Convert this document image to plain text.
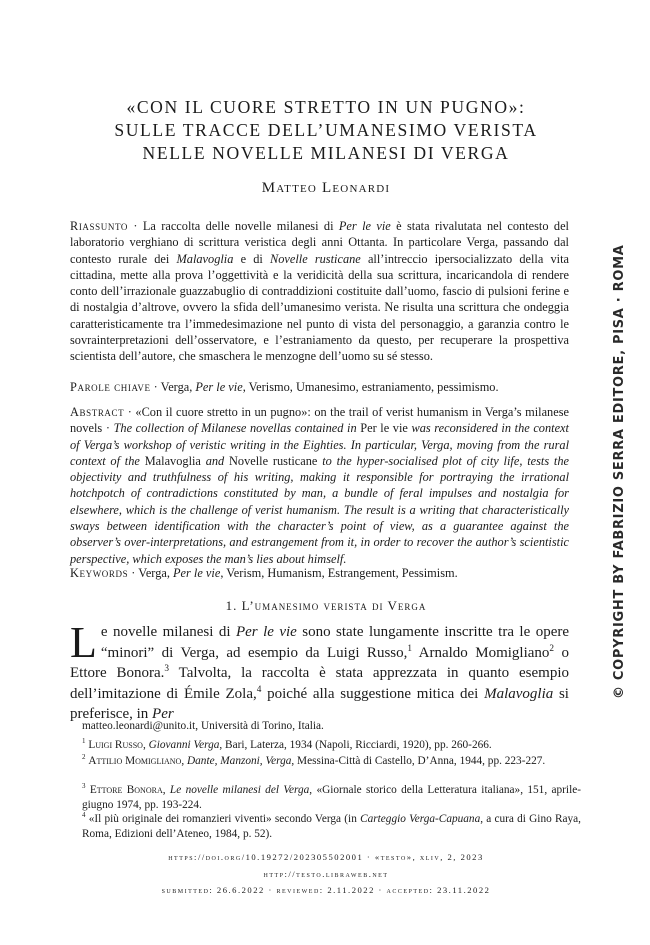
«CON IL CUORE STRETTO IN UN PUGNO»:
SULLE TRACCE DELL’UMANESIMO VERISTA
NELLE NOVELLE MILANESI DI VERGA
Matteo Leonardi
Riassunto · La raccolta delle novelle milanesi di Per le vie è stata rivalutata nel contesto del laboratorio verghiano di scrittura veristica degli anni Ottanta. In particolare Verga, passando dal contesto rurale dei Malavoglia e di Novelle rusticane all’intreccio ipersocializzato della vita cittadina, mette alla prova l’oggettività e la veridicità della sua scrittura, incaricandola di rendere conto dell’irrazionale guazzabuglio di contraddizioni costituite dall’uomo, fascio di pulsioni ferine e di nostalgia d’altrove, ovvero la sfida dell’umanesimo verista. Ne risulta una scrittura che ondeggia caratteristicamente tra l’immedesimazione nel punto di vista del personaggio, a garanzia contro le sovrainterpretazioni dell’osservatore, e l’estraniamento da questo, per recuperare la prospettiva scientista dell’autore, che smaschera le menzogne dell’uomo su sé stesso.
Parole chiave · Verga, Per le vie, Verismo, Umanesimo, estraniamento, pessimismo.
Abstract · «Con il cuore stretto in un pugno»: on the trail of verist humanism in Verga’s milanese novels · The collection of Milanese novellas contained in Per le vie was reconsidered in the context of Verga’s workshop of veristic writing in the Eighties. In particular, Verga, moving from the rural context of the Malavoglia and Novelle rusticane to the hyper-socialised plot of city life, tests the objectivity and truthfulness of his writing, making it responsible for portraying the irrational hotchpotch of contradictions constituted by man, a bundle of feral impulses and nostalgia for elsewhere, which is the challenge of verist humanism. The result is a writing that characteristically sways between identification with the character’s point of view, as a guarantee against the observer’s over-interpretations, and estrangement from it, in order to recover the author’s scientistic perspective, which exposes the man’s lies about himself.
Keywords · Verga, Per le vie, Verism, Humanism, Estrangement, Pessimism.
1. L’umanesimo verista di Verga
Le novelle milanesi di Per le vie sono state lungamente inscritte tra le opere “minori” di Verga, ad esempio da Luigi Russo,$^1$ Arnaldo Momigliano$^2$ o Ettore Bonora.$^3$ Talvolta, la raccolta è stata apprezzata in quanto esempio dell’imitazione di Émile Zola,$^4$ poiché alla suggestione mitica dei Malavoglia si preferisce, in Per
matteo.leonardi@unito.it, Università di Torino, Italia.
$^1$ Luigi Russo, Giovanni Verga, Bari, Laterza, 1934 (Napoli, Ricciardi, 1920), pp. 260-266.
$^2$ Attilio Momigliano, Dante, Manzoni, Verga, Messina-Città di Castello, D’Anna, 1944, pp. 223-227.
$^3$ Ettore Bonora, Le novelle milanesi del Verga, «Giornale storico della Letteratura italiana», 151, aprile-giugno 1974, pp. 193-224.
$^4$ «Il più originale dei romanzieri viventi» secondo Verga (in Carteggio Verga-Capuana, a cura di Gino Raya, Roma, Edizioni dell’Ateneo, 1984, p. 52).
https://doi.org/10.19272/202305502001 · «testo», xliv, 2, 2023
http://testo.libraweb.net
submitted: 26.6.2022 · reviewed: 2.11.2022 · accepted: 23.11.2022
© COPYRIGHT BY FABRIZIO SERRA EDITORE, PISA · ROMA
